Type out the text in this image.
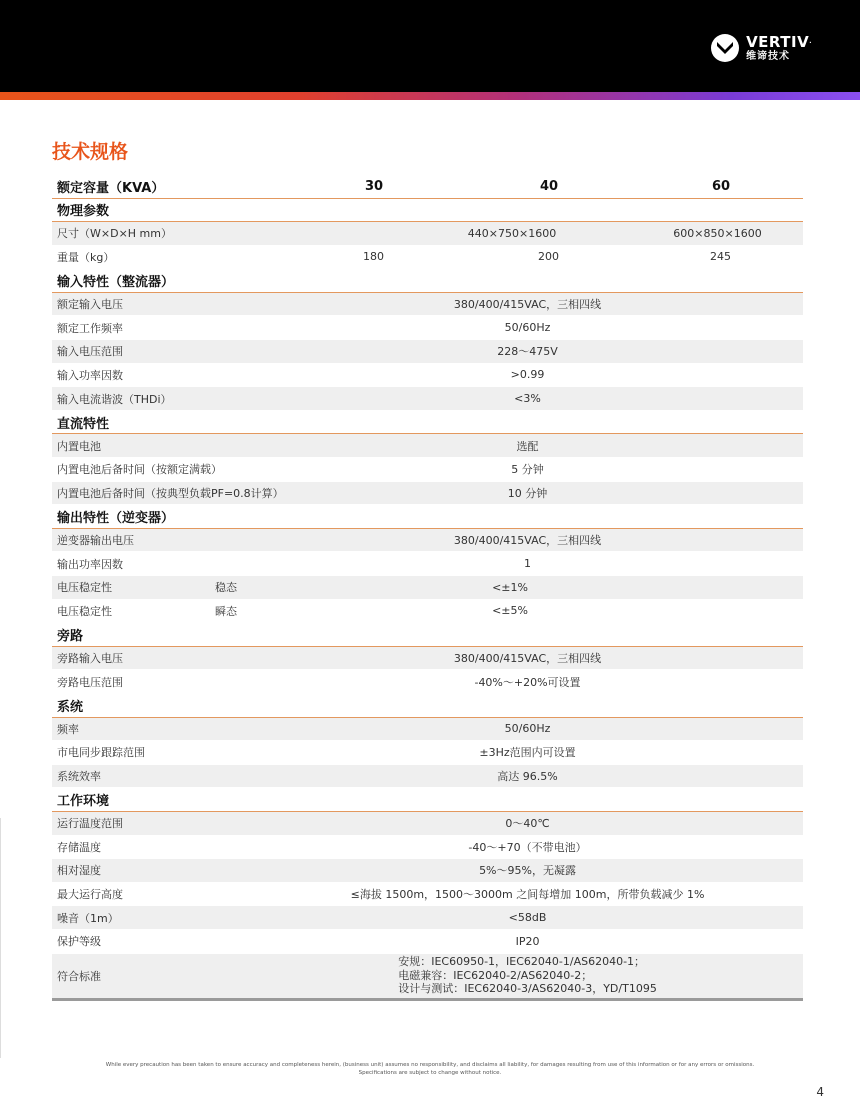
VERTIV.
维谛技术
技术规格
额定容量（KVA）		30	40	60
物理参数				
尺寸（W×D×H mm）		440×750×1600		600×850×1600
重量（kg）		180	200	245
输入特性（整流器）				
额定输入电压		380/400/415VAC，三相四线		
额定工作频率		50/60Hz		
输入电压范围		228～475V		
输入功率因数		>0.99		
输入电流谐波（THDi）		<3%		
直流特性				
内置电池		选配		
内置电池后备时间（按额定满载）		5 分钟		
内置电池后备时间（按典型负载PF=0.8计算）		10 分钟		
输出特性（逆变器）				
逆变器输出电压		380/400/415VAC，三相四线		
输出功率因数		1		
电压稳定性	稳态	<±1%		
电压稳定性	瞬态	<±5%		
旁路				
旁路输入电压		380/400/415VAC，三相四线		
旁路电压范围		-40%～+20%可设置		
系统				
频率		50/60Hz		
市电同步跟踪范围		±3Hz范围内可设置		
系统效率		高达 96.5%		
工作环境				
运行温度范围		0～40℃		
存储温度		-40～+70（不带电池）		
相对湿度		5%～95%，无凝露		
最大运行高度		≤海拔 1500m，1500～3000m 之间每增加 100m，所带负载减少 1%		
噪音（1m）		<58dB		
保护等级		IP20		
符合标准		安规：IEC60950-1，IEC62040-1/AS62040-1；
电磁兼容：IEC62040-2/AS62040-2；
设计与测试：IEC62040-3/AS62040-3，YD/T1095		
While every precaution has been taken to ensure accuracy and completeness herein, (business unit) assumes no responsibility, and disclaims all liability, for damages resulting from use of this information or for any errors or omissions.
Specifications are subject to change without notice.
4
